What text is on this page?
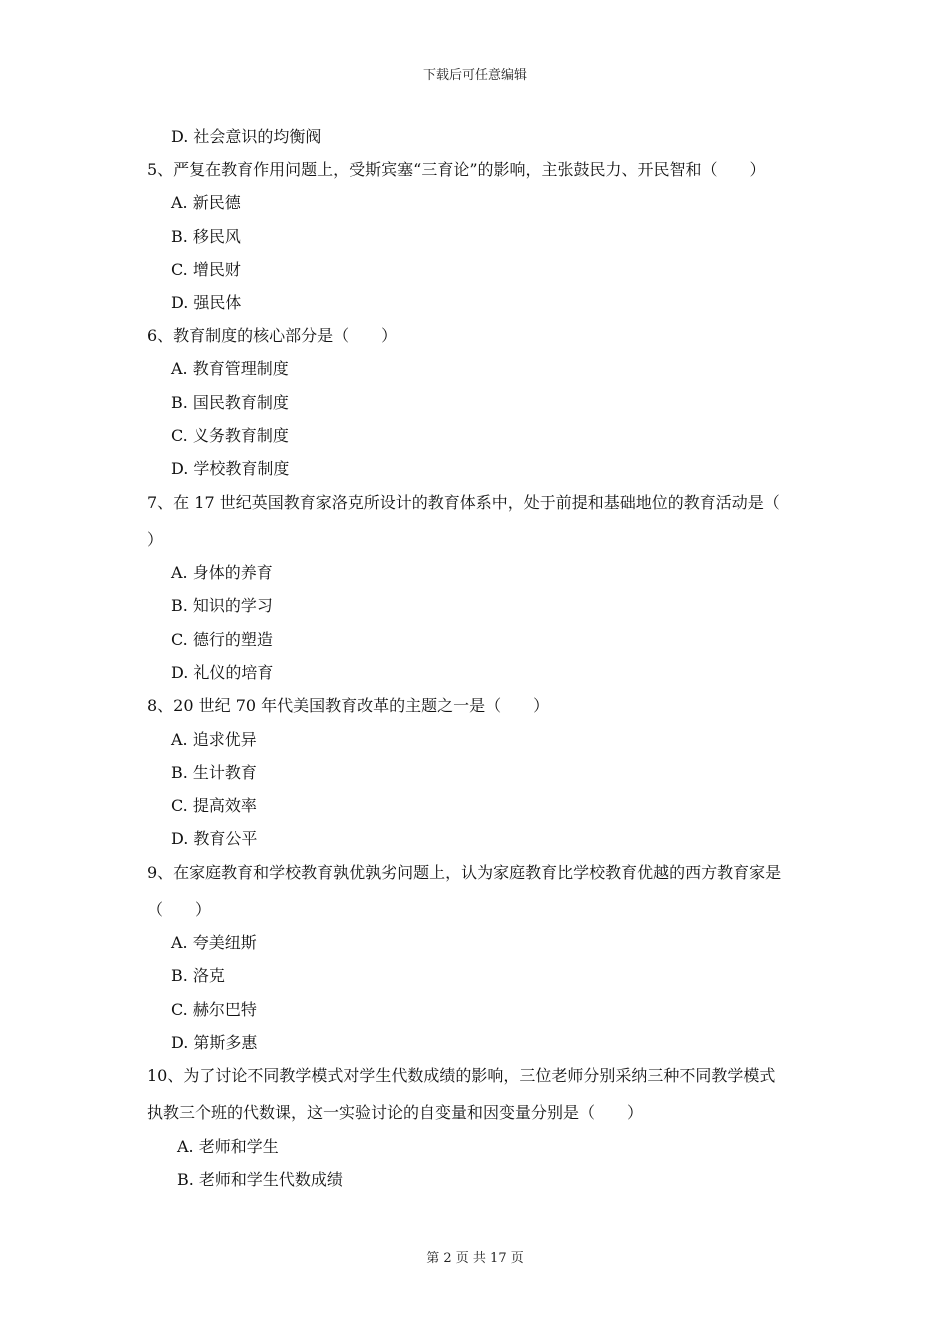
下载后可任意编辑
D. 社会意识的均衡阀
5、严复在教育作用问题上，受斯宾塞“三育论”的影响，主张鼓民力、开民智和（　　）
A. 新民德
B. 移民风
C. 增民财
D. 强民体
6、教育制度的核心部分是（　　）
A. 教育管理制度
B. 国民教育制度
C. 义务教育制度
D. 学校教育制度
7、在 17 世纪英国教育家洛克所设计的教育体系中，处于前提和基础地位的教育活动是（
）
A. 身体的养育
B. 知识的学习
C. 德行的塑造
D. 礼仪的培育
8、20 世纪 70 年代美国教育改革的主题之一是（　　）
A. 追求优异
B. 生计教育
C. 提高效率
D. 教育公平
9、在家庭教育和学校教育孰优孰劣问题上，认为家庭教育比学校教育优越的西方教育家是
（　　）
A. 夸美纽斯
B. 洛克
C. 赫尔巴特
D. 第斯多惠
10、为了讨论不同教学模式对学生代数成绩的影响，三位老师分别采纳三种不同教学模式
执教三个班的代数课，这一实验讨论的自变量和因变量分别是（　　）
A. 老师和学生
B. 老师和学生代数成绩
第 2 页 共 17 页
